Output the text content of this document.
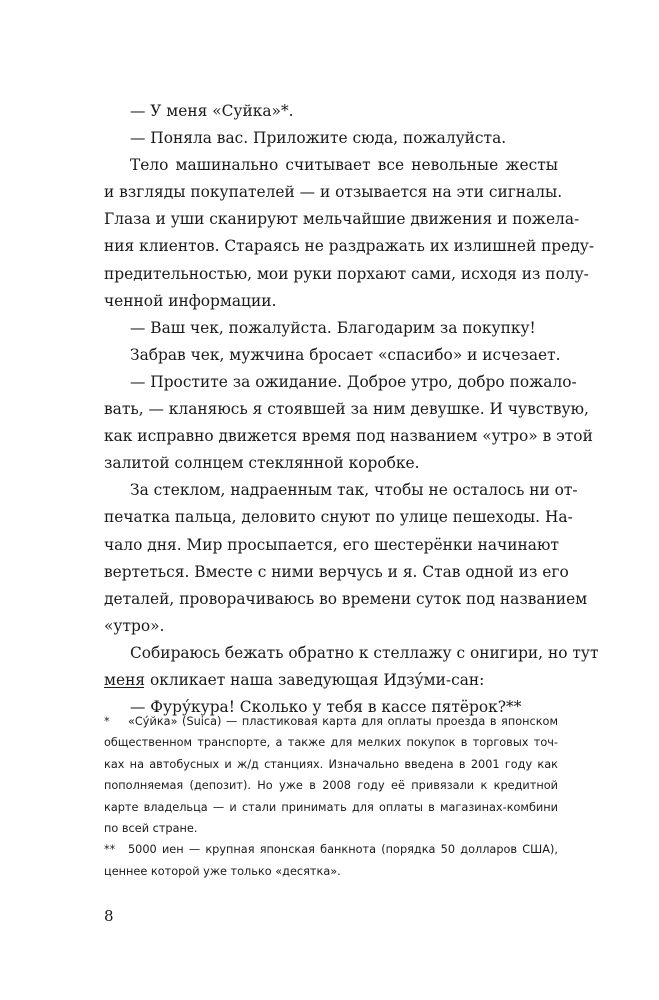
— У меня «Суйка»*.

— Поняла вас. Приложите сюда, пожалуйста.

Тело машинально считывает все невольные жесты
и взгляды покупателей — и отзывается на эти сигналы.
Глаза и уши сканируют мельчайшие движения и пожела-
ния клиентов. Стараясь не раздражать их излишней преду-
предительностью, мои руки порхают сами, исходя из полу-
ченной информации.

— Ваш чек, пожалуйста. Благодарим за покупку!

Забрав чек, мужчина бросает «спасибо» и исчезает.

— Простите за ожидание. Доброе утро, добро пожало-
вать, — кланяюсь я стоявшей за ним девушке. И чувствую,
как исправно движется время под названием «утро» в этой
залитой солнцем стеклянной коробке.

За стеклом, надраенным так, чтобы не осталось ни от-
печатка пальца, деловито снуют по улице пешеходы. На-
чало дня. Мир просыпается, его шестерёнки начинают
вертеться. Вместе с ними верчусь и я. Став одной из его
деталей, проворачиваюсь во времени суток под названием
«утро».

Собираюсь бежать обратно к стеллажу с онигири, но тут
меня окликает наша заведующая Идзу́ми-сан:

— Фуру́кура! Сколько у тебя в кассе пятёрок?**

* «Су́йка» (Suica) — пластиковая карта для оплаты проезда в японском
общественном транспорте, а также для мелких покупок в торговых точ-
ках на автобусных и ж/д станциях. Изначально введена в 2001 году как
пополняемая (депозит). Но уже в 2008 году её привязали к кредитной
карте владельца — и стали принимать для оплаты в магазинах-комбини
по всей стране.
** 5000 иен — крупная японская банкнота (порядка 50 долларов США),
ценнее которой уже только «десятка».
8
